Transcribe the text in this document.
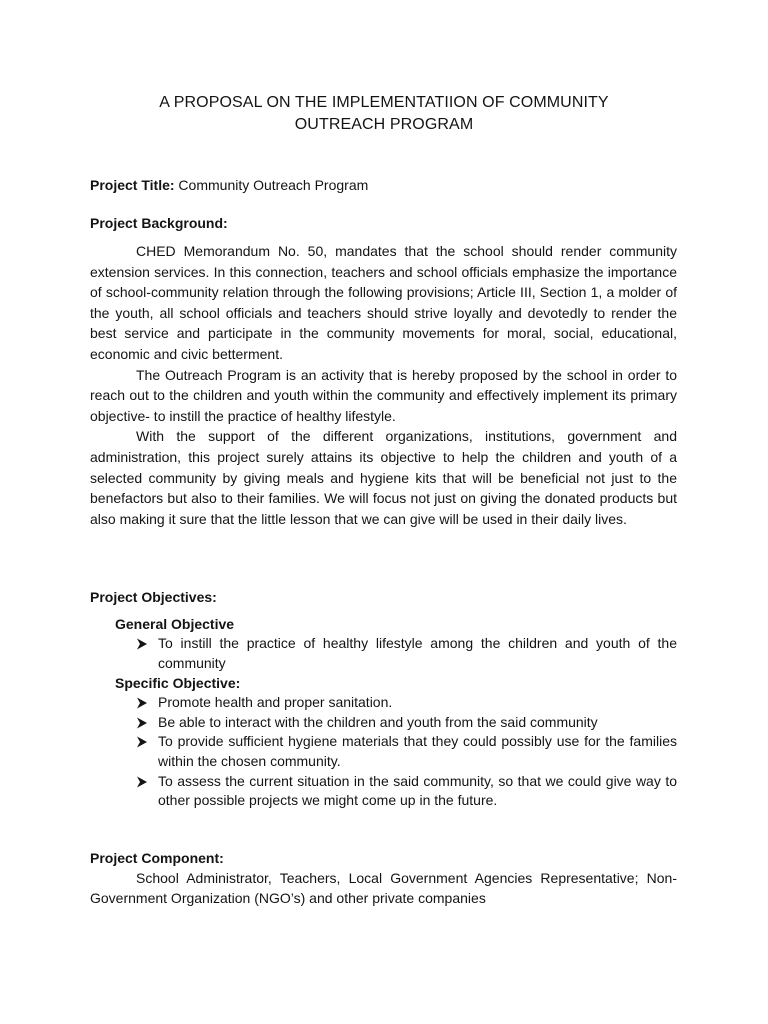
A PROPOSAL ON THE IMPLEMENTATIION OF COMMUNITY
OUTREACH PROGRAM
Project Title: Community Outreach Program
Project Background:

CHED Memorandum No. 50, mandates that the school should render community extension services. In this connection, teachers and school officials emphasize the importance of school-community relation through the following provisions; Article III, Section 1, a molder of the youth, all school officials and teachers should strive loyally and devotedly to render the best service and participate in the community movements for moral, social, educational, economic and civic betterment.

The Outreach Program is an activity that is hereby proposed by the school in order to reach out to the children and youth within the community and effectively implement its primary objective- to instill the practice of healthy lifestyle.

With the support of the different organizations, institutions, government and administration, this project surely attains its objective to help the children and youth of a selected community by giving meals and hygiene kits that will be beneficial not just to the benefactors but also to their families. We will focus not just on giving the donated products but also making it sure that the little lesson that we can give will be used in their daily lives.

Project Objectives:
General Objective
To instill the practice of healthy lifestyle among the children and youth of the community
Specific Objective:
Promote health and proper sanitation.
Be able to interact with the children and youth from the said community
To provide sufficient hygiene materials that they could possibly use for the families within the chosen community.
To assess the current situation in the said community, so that we could give way to other possible projects we might come up in the future.
Project Component:

School Administrator, Teachers, Local Government Agencies Representative; Non-Government Organization (NGO’s) and other private companies
